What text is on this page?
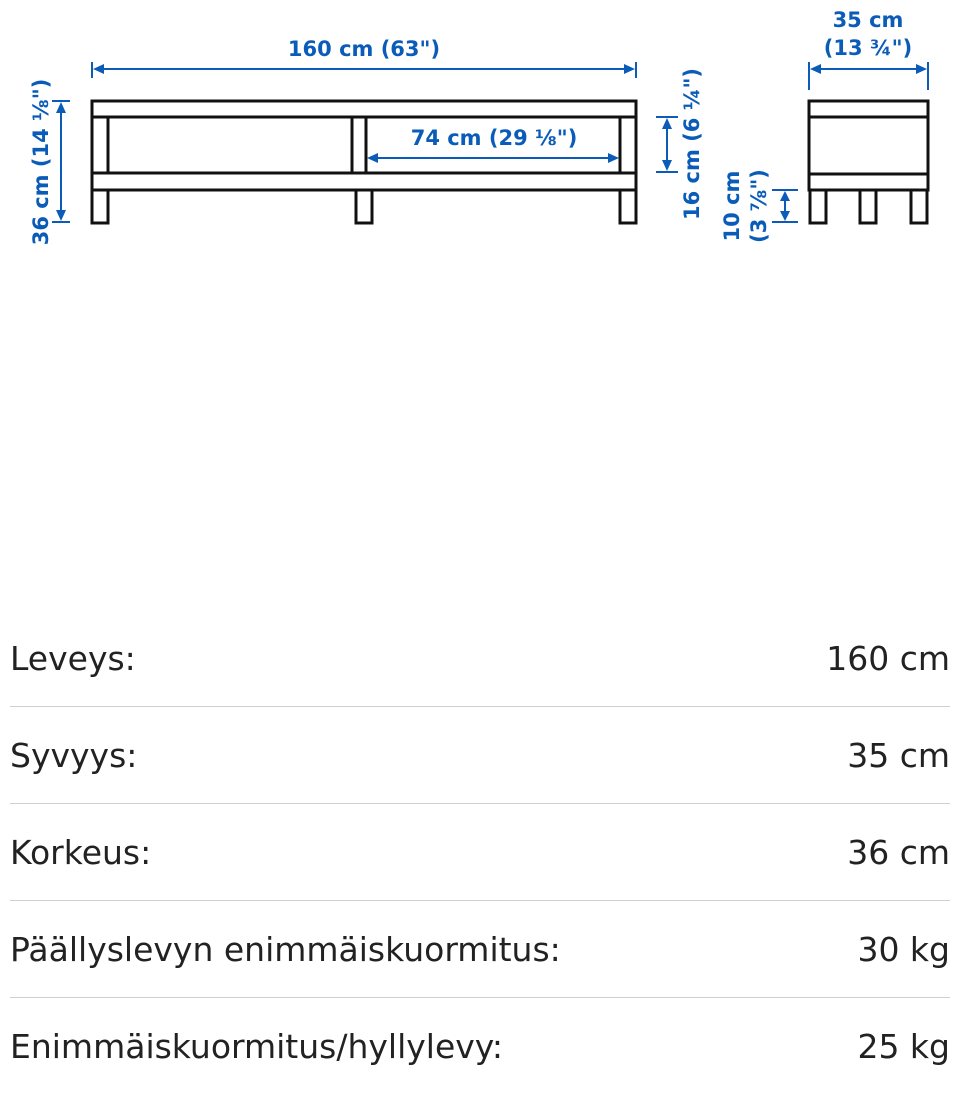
160 cm (63")
36 cm (14 ⅛")	74 cm (29 ⅛")	16 cm (6 ¼") 10 cm (3 ⅞")
35 cm
(13 ¾")
Leveys:	160 cm
Syvyys:	35 cm
Korkeus:	36 cm
Päällyslevyn enimmäiskuormitus:	30 kg
Enimmäiskuormitus/hyllylevy:	25 kg
